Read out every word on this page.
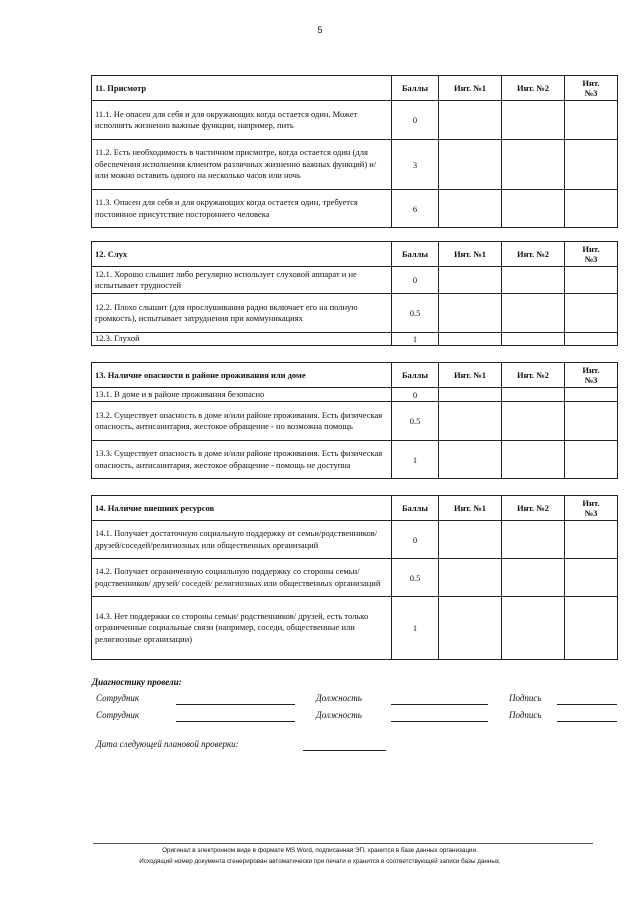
5
11. Присмотр	Баллы	Инт. №1	Инт. №2	Инт.
№3
11.1. Не опасен для себя и для окружающих когда остается один. Может исполнять жизненно важные функции, например, пить	0			
11.2. Есть необходимость в частичном присмотре, когда остается один (для обеспечения исполнения клиентом различных жизненно важных функций) и/или можно оставить одного на несколько часов или ночь	3			
11.3. Опасен для себя и для окружающих когда остается один, требуется постоянное присутствие постороннего человека	6			
12. Слух	Баллы	Инт. №1	Инт. №2	Инт.
№3
12.1. Хорошо слышит либо регулярно использует слуховой аппарат и не испытывает трудностей	0			
12.2. Плохо слышит (для прослушивания радио включает его на полную громкость), испытывает затруднения при коммуникациях	0.5			
12.3. Глухой	1			
13. Наличие опасности в районе проживания или доме	Баллы	Инт. №1	Инт. №2	Инт.
№3
13.1. В доме и в районе проживания безопасно	0			
13.2. Существует опасность в доме и/или районе проживания. Есть физическая опасность, антисанитария, жестокое обращение - но возможна помощь	0.5			
13.3. Существует опасность в доме и/или районе проживания. Есть физическая опасность, антисанитария, жестокое обращение - помощь не доступна	1			
14. Наличие внешних ресурсов	Баллы	Инт. №1	Инт. №2	Инт.
№3
14.1. Получает достаточную социальную поддержку от семьи/родственников/друзей/соседей/религиозных или общественных организаций	0			
14.2. Получает ограниченную социальную поддержку со стороны семьи/ родственников/ друзей/ соседей/ религиозных или общественных организаций	0.5			
14.3. Нет поддержки со стороны семьи/ родственников/ друзей, есть только ограниченные социальные связи (например, соседи, общественные или религиозные организации)	1			
Диагностику провели:
Сотрудник	Должность	Подпись
Сотрудник	Должность	Подпись
Дата следующей плановой проверки:
Оригинал в электронном виде в формате MS Word, подписанная ЭП, хранится в базе данных организации.
Исходящий номер документа сгенерирован автоматически при печати и хранится в соответствующей записи базы данных.
